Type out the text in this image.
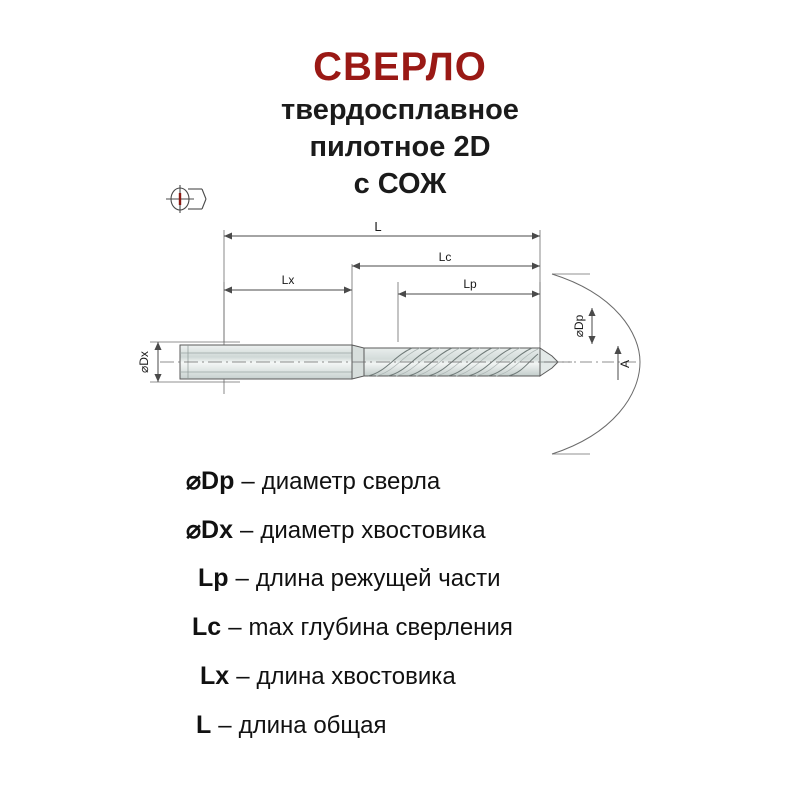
СВЕРЛО
твердосплавное
пилотное 2D
с СОЖ
L
Lc
Lx	Lp
⌀Dx
⌀Dp
A
⌀Dp – диаметр сверла
⌀Dx – диаметр хвостовика
Lp – длина режущей части
Lc – max глубина сверления
Lx – длина хвостовика
L – длина общая
